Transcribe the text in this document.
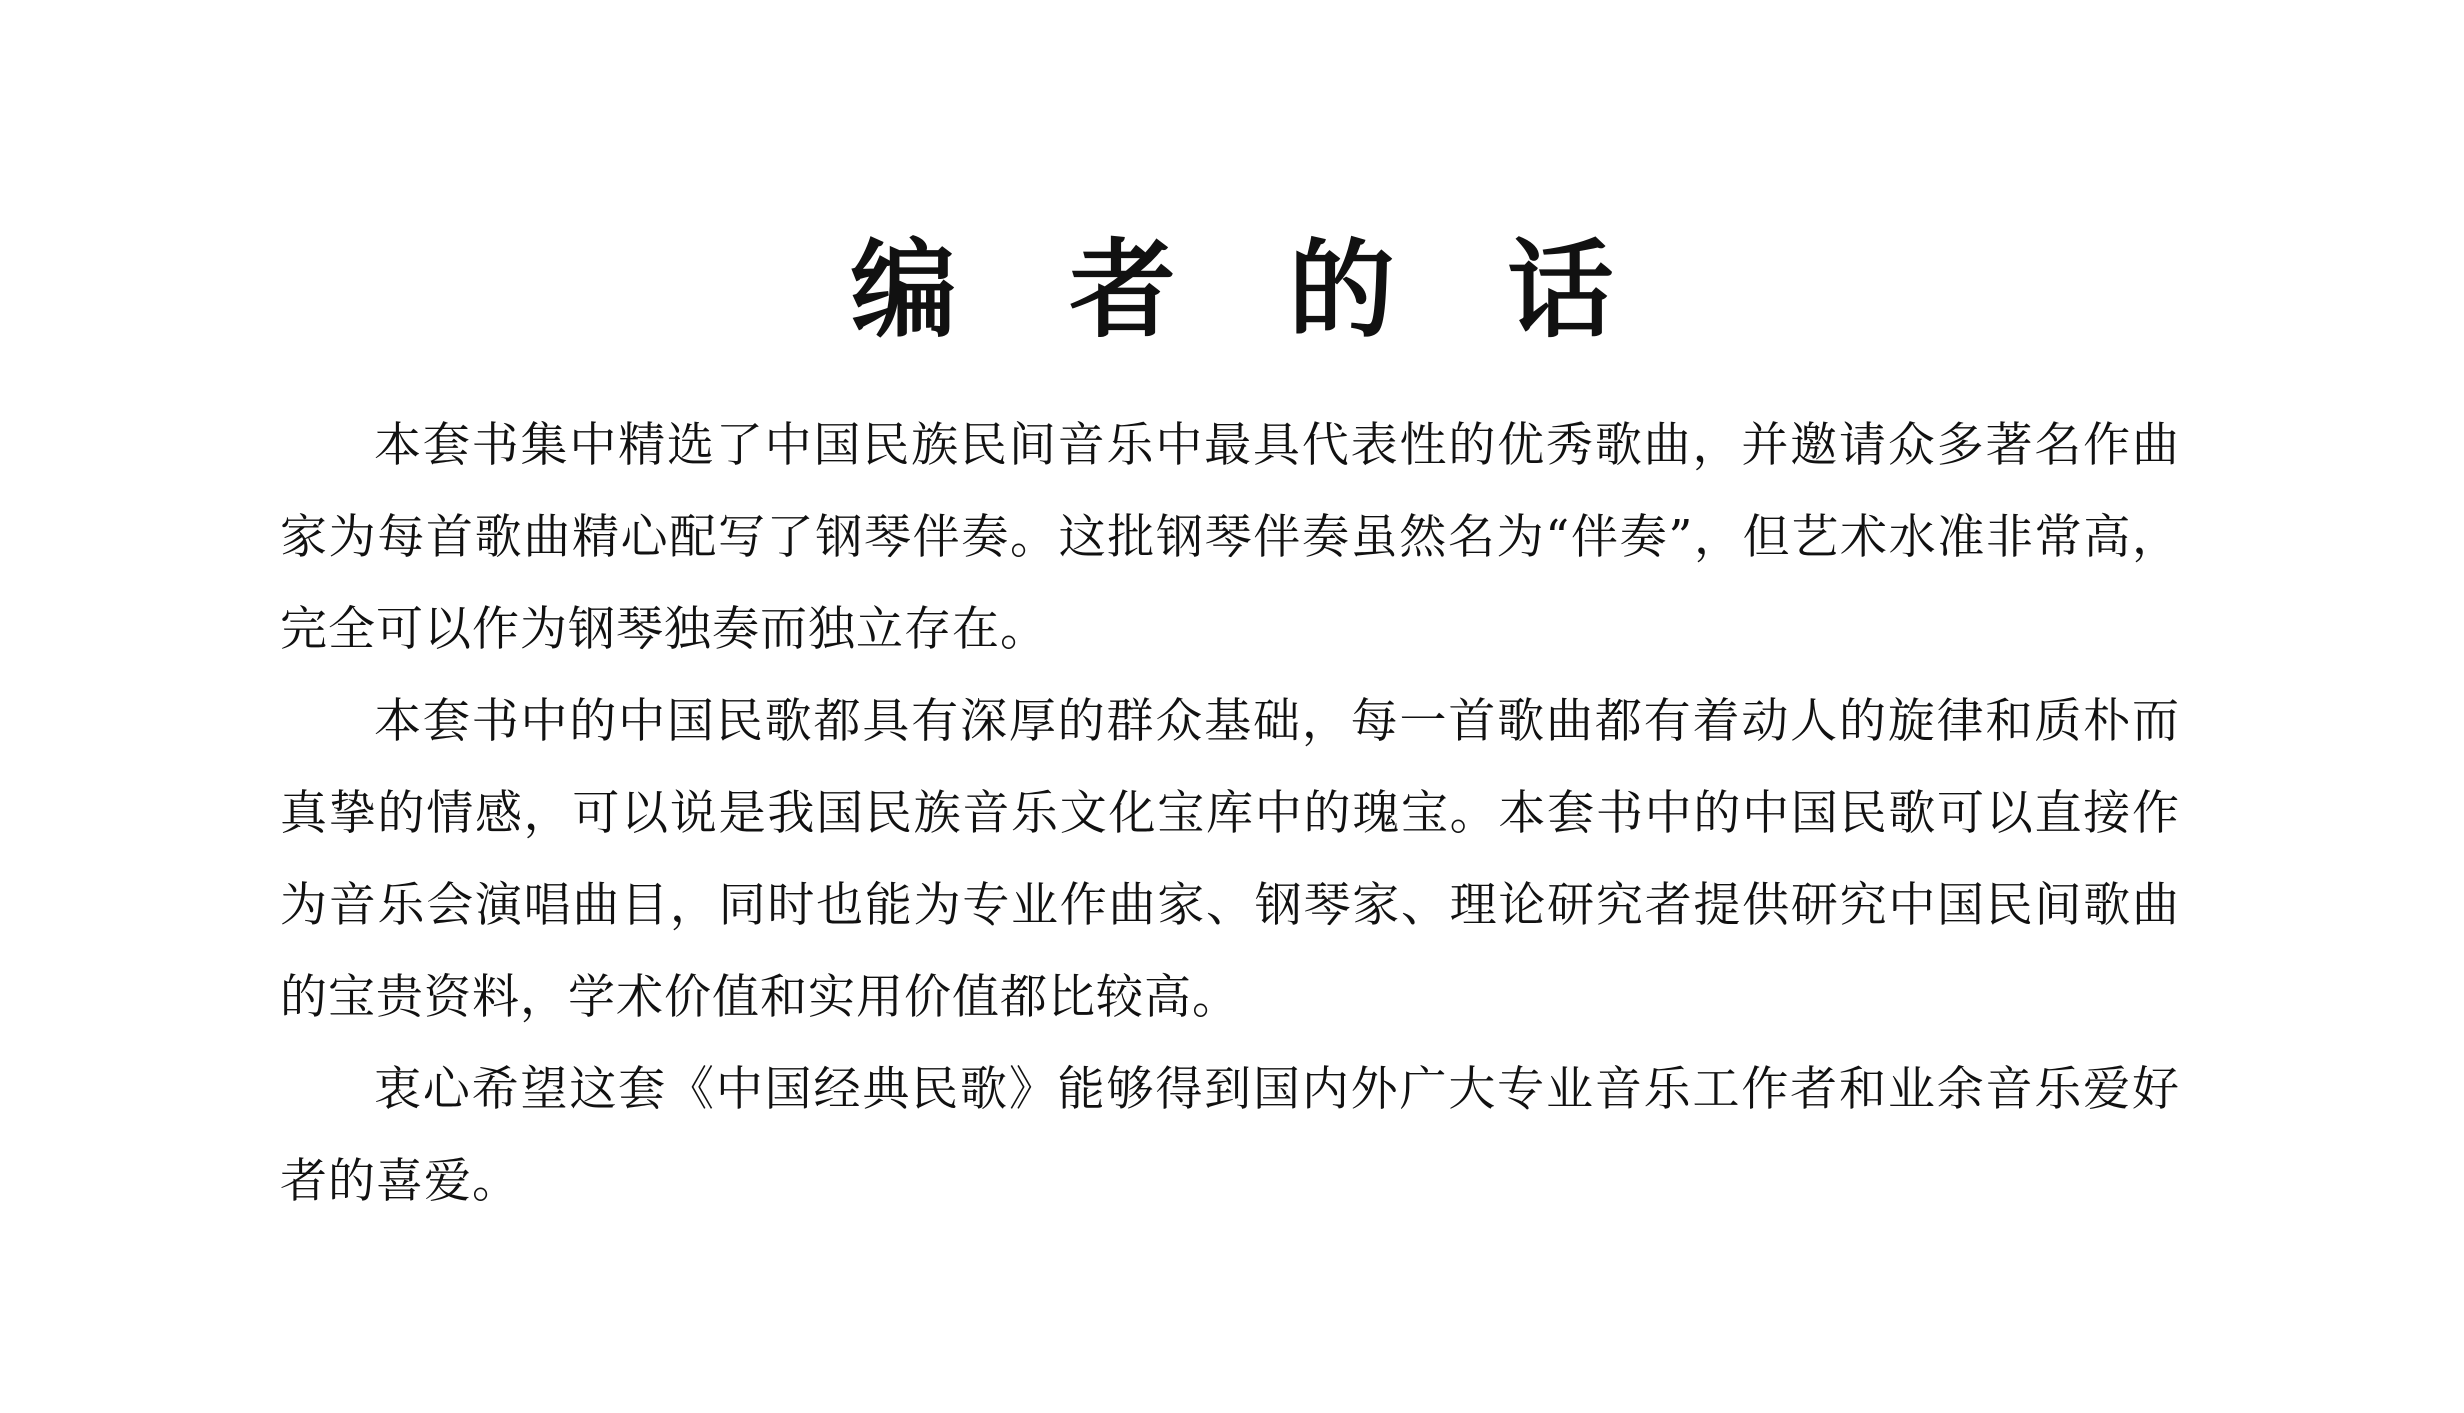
编 者 的 话

本套书集中精选了中国民族民间音乐中最具代表性的优秀歌曲，并邀请众多著名作曲家为每首歌曲精心配写了钢琴伴奏。这批钢琴伴奏虽然名为“伴奏”，但艺术水准非常高，完全可以作为钢琴独奏而独立存在。

本套书中的中国民歌都具有深厚的群众基础，每一首歌曲都有着动人的旋律和质朴而真挚的情感，可以说是我国民族音乐文化宝库中的瑰宝。本套书中的中国民歌可以直接作为音乐会演唱曲目，同时也能为专业作曲家、钢琴家、理论研究者提供研究中国民间歌曲的宝贵资料，学术价值和实用价值都比较高。

衷心希望这套《中国经典民歌》能够得到国内外广大专业音乐工作者和业余音乐爱好者的喜爱。
